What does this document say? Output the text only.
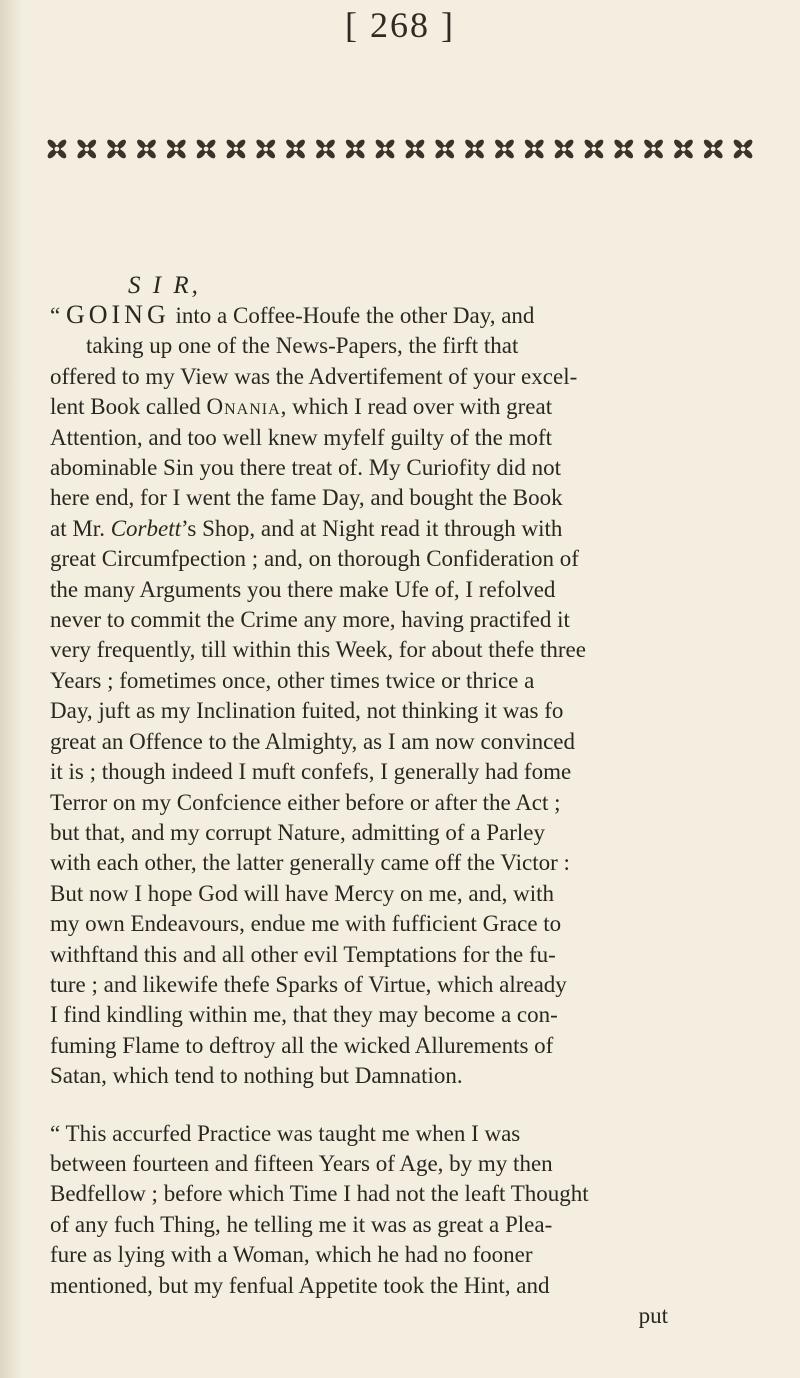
[ 268 ]
S I R,
“ GOING into a Coffee-Houfe the other Day, and
taking up one of the News-Papers, the firft that
offered to my View was the Advertifement of your excel-
lent Book called Onania, which I read over with great
Attention, and too well knew myfelf guilty of the moft
abominable Sin you there treat of. My Curiofity did not
here end, for I went the fame Day, and bought the Book
at Mr. Corbett’s Shop, and at Night read it through with
great Circumfpection ; and, on thorough Confideration of
the many Arguments you there make Ufe of, I refolved
never to commit the Crime any more, having practifed it
very frequently, till within this Week, for about thefe three
Years ; fometimes once, other times twice or thrice a
Day, juft as my Inclination fuited, not thinking it was fo
great an Offence to the Almighty, as I am now convinced
it is ; though indeed I muft confefs, I generally had fome
Terror on my Confcience either before or after the Act ;
but that, and my corrupt Nature, admitting of a Parley
with each other, the latter generally came off the Victor :
But now I hope God will have Mercy on me, and, with
my own Endeavours, endue me with fufficient Grace to
withftand this and all other evil Temptations for the fu-
ture ; and likewife thefe Sparks of Virtue, which already
I find kindling within me, that they may become a con-
fuming Flame to deftroy all the wicked Allurements of
Satan, which tend to nothing but Damnation.
“ This accurfed Practice was taught me when I was
between fourteen and fifteen Years of Age, by my then
Bedfellow ; before which Time I had not the leaft Thought
of any fuch Thing, he telling me it was as great a Plea-
fure as lying with a Woman, which he had no fooner
mentioned, but my fenfual Appetite took the Hint, and
put
